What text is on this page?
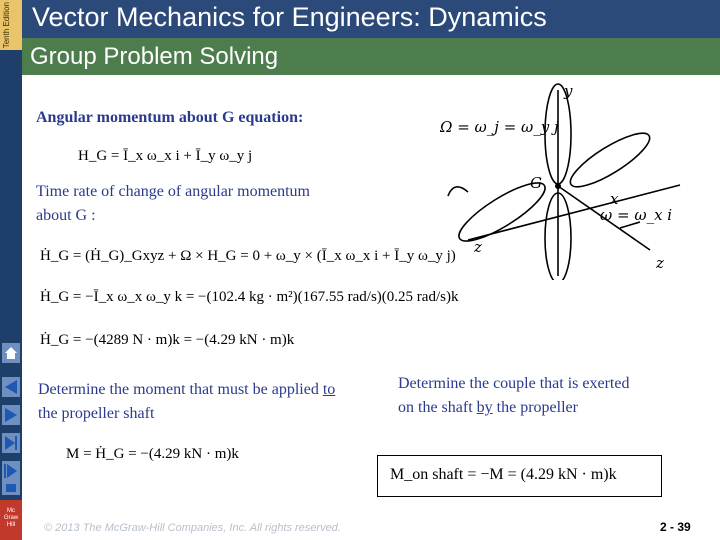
Tenth Edition
Mc Graw Hill
Vector Mechanics for Engineers: Dynamics
Group Problem Solving
Angular momentum about G equation:
H_G = Ī_x ω_x i + Ī_y ω_y j
Time rate of change of angular momentum about G :
Ḣ_G = (Ḣ_G)_Gxyz + Ω × H_G = 0 + ω_y × (Ī_x ω_x i + Ī_y ω_y j)
Ḣ_G = −Ī_x ω_x ω_y k = −(102.4 kg · m²)(167.55 rad/s)(0.25 rad/s)k
Ḣ_G = −(4289 N · m)k = −(4.29 kN · m)k
Determine the moment that must be applied to the propeller shaft
M = Ḣ_G = −(4.29 kN · m)k
Determine the couple that is exerted on the shaft by the propeller
M_on shaft = −M = (4.29 kN · m)k
Ω = ω_j = ω_y j
y
G
x
z
ω = ω_x i
z
© 2013 The McGraw-Hill Companies, Inc. All rights reserved.	2 - 39
